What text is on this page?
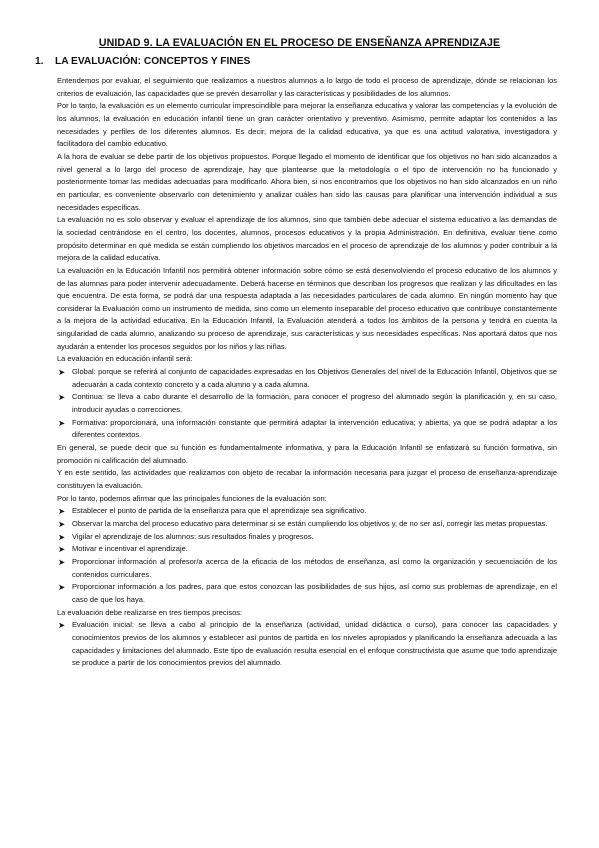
UNIDAD 9. LA EVALUACIÓN EN EL PROCESO DE ENSEÑANZA APRENDIZAJE
1. LA EVALUACIÓN: CONCEPTOS Y FINES

Entendemos por evaluar, el seguimiento que realizamos a nuestros alumnos a lo largo de todo el proceso de aprendizaje, dónde se relacionan los criterios de evaluación, las capacidades que se prevén desarrollar y las características y posibilidades de los alumnos.

Por lo tanto, la evaluación es un elemento curricular imprescindible para mejorar la enseñanza educativa y valorar las competencias y la evolución de los alumnos, la evaluación en educación infantil tiene un gran carácter orientativo y preventivo. Asimismo, permite adaptar los contenidos a las necesidades y perfiles de los diferentes alumnos. Es decir, mejora de la calidad educativa, ya que es una actitud valorativa, investigadora y facilitadora del cambio educativo.

A la hora de evaluar se debe partir de los objetivos propuestos. Porque llegado el momento de identificar que los objetivos no han sido alcanzados a nivel general a lo largo del proceso de aprendizaje, hay que plantearse que la metodología o el tipo de intervención no ha funcionado y posteriormente tomar las medidas adecuadas para modificarlo. Ahora bien, si nos encontramos que los objetivos no han sido alcanzados en un niño en particular, es conveniente observarlo con detenimiento y analizar cuáles han sido las causas para planificar una intervención individual a sus necesidades específicas.

La evaluación no es solo observar y evaluar el aprendizaje de los alumnos, sino que también debe adecuar el sistema educativo a las demandas de la sociedad centrándose en el centro, los docentes, alumnos, procesos educativos y la propia Administración. En definitiva, evaluar tiene como propósito determinar en qué medida se están cumpliendo los objetivos marcados en el proceso de aprendizaje de los alumnos y poder contribuir a la mejora de la calidad educativa.

La evaluación en la Educación Infantil nos permitirá obtener información sobre cómo se está desenvolviendo el proceso educativo de los alumnos y de las alumnas para poder intervenir adecuadamente. Deberá hacerse en términos que describan los progresos que realizan y las dificultades en las que encuentra. De esta forma, se podrá dar una respuesta adaptada a las necesidades particulares de cada alumno. En ningún momento hay que considerar la Evaluación como un instrumento de medida, sino como un elemento inseparable del proceso educativo que contribuye constantemente a la mejora de la actividad educativa. En la Educación Infantil, la Evaluación atenderá a todos los ámbitos de la persona y tendrá en cuenta la singularidad de cada alumno, analizando su proceso de aprendizaje, sus características y sus necesidades específicas. Nos aportará datos que nos ayudarán a entender los procesos seguidos por los niños y las niñas.

La evaluación en educación infantil será:

➤ Global: porque se referirá al conjunto de capacidades expresadas en los Objetivos Generales del nivel de la Educación Infantil, Objetivos que se adecuarán a cada contexto concreto y a cada alumno y a cada alumna.
➤ Continua: se lleva a cabo durante el desarrollo de la formación, para conocer el progreso del alumnado según la planificación y, en su caso, introducir ayudas o correcciones.
➤ Formativa: proporcionará, una información constante que permitirá adaptar la intervención educativa; y abierta, ya que se podrá adaptar a los diferentes contextos.

En general, se puede decir que su función es fundamentalmente informativa, y para la Educación Infantil se enfatizará su función formativa, sin promoción ni calificación del alumnado.

Y en este sentido, las actividades que realizamos con objeto de recabar la información necesaria para juzgar el proceso de enseñanza-aprendizaje constituyen la evaluación.

Por lo tanto, podemos afirmar que las principales funciones de la evaluación son:

➤ Establecer el punto de partida de la enseñanza para que el aprendizaje sea significativo.
➤ Observar la marcha del proceso educativo para determinar si se están cumpliendo los objetivos y, de no ser así, corregir las metas propuestas.
➤ Vigilar el aprendizaje de los alumnos: sus resultados finales y progresos.
➤ Motivar e incentivar el aprendizaje.
➤ Proporcionar información al profesor/a acerca de la eficacia de los métodos de enseñanza, así como la organización y secuenciación de los contenidos curriculares.
➤ Proporcionar información a los padres, para que estos conozcan las posibilidades de sus hijos, así como sus problemas de aprendizaje, en el caso de que los haya.

La evaluación debe realizarse en tres tiempos precisos:

➤ Evaluación inicial: se lleva a cabo al principio de la enseñanza (actividad, unidad didáctica o curso), para conocer las capacidades y conocimientos previos de los alumnos y establecer así puntos de partida en los niveles apropiados y planificando la enseñanza adecuada a las capacidades y limitaciones del alumnado. Este tipo de evaluación resulta esencial en el enfoque constructivista que asume que todo aprendizaje se produce a partir de los conocimientos previos del alumnado.
